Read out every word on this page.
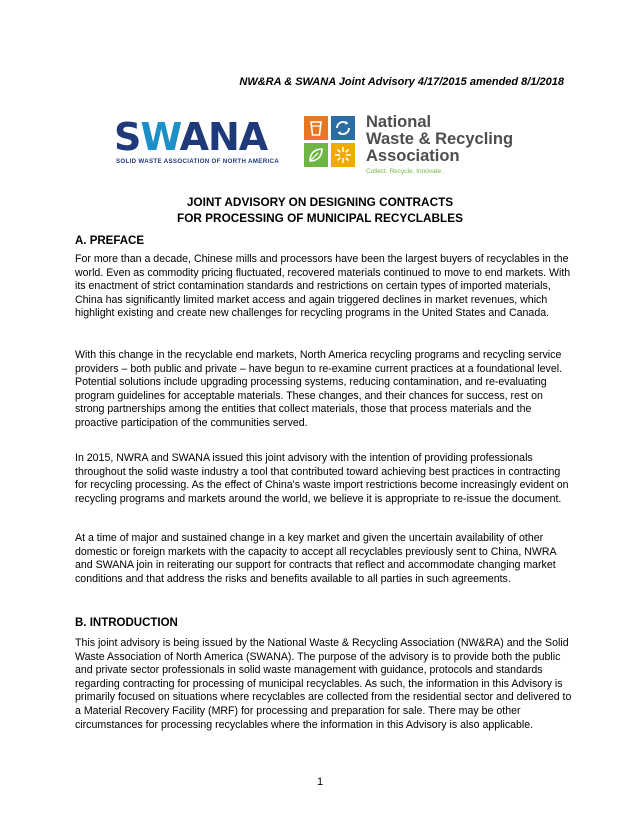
NW&RA & SWANA Joint Advisory 4/17/2015 amended 8/1/2018
SWANA
SOLID WASTE ASSOCIATION OF NORTH AMERICA
National
Waste & Recycling
Association
Collect. Recycle. Innovate.
JOINT ADVISORY ON DESIGNING CONTRACTS
FOR PROCESSING OF MUNICIPAL RECYCLABLES
A. PREFACE
For more than a decade, Chinese mills and processors have been the largest buyers of recyclables in the world. Even as commodity pricing fluctuated, recovered materials continued to move to end markets. With its enactment of strict contamination standards and restrictions on certain types of imported materials, China has significantly limited market access and again triggered declines in market revenues, which highlight existing and create new challenges for recycling programs in the United States and Canada.
With this change in the recyclable end markets, North America recycling programs and recycling service providers – both public and private – have begun to re-examine current practices at a foundational level. Potential solutions include upgrading processing systems, reducing contamination, and re-evaluating program guidelines for acceptable materials. These changes, and their chances for success, rest on strong partnerships among the entities that collect materials, those that process materials and the proactive participation of the communities served.
In 2015, NWRA and SWANA issued this joint advisory with the intention of providing professionals throughout the solid waste industry a tool that contributed toward achieving best practices in contracting for recycling processing. As the effect of China's waste import restrictions become increasingly evident on recycling programs and markets around the world, we believe it is appropriate to re-issue the document.
At a time of major and sustained change in a key market and given the uncertain availability of other domestic or foreign markets with the capacity to accept all recyclables previously sent to China, NWRA and SWANA join in reiterating our support for contracts that reflect and accommodate changing market conditions and that address the risks and benefits available to all parties in such agreements.
B. INTRODUCTION
This joint advisory is being issued by the National Waste & Recycling Association (NW&RA) and the Solid Waste Association of North America (SWANA). The purpose of the advisory is to provide both the public and private sector professionals in solid waste management with guidance, protocols and standards regarding contracting for processing of municipal recyclables. As such, the information in this Advisory is primarily focused on situations where recyclables are collected from the residential sector and delivered to a Material Recovery Facility (MRF) for processing and preparation for sale. There may be other circumstances for processing recyclables where the information in this Advisory is also applicable.
1
